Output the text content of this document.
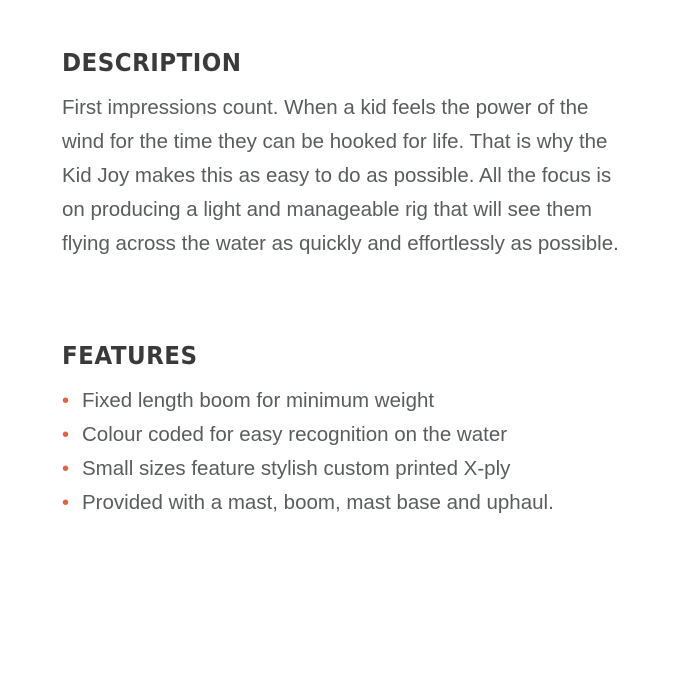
DESCRIPTION

First impressions count. When a kid feels the power of the wind for the time they can be hooked for life. That is why the Kid Joy makes this as easy to do as possible. All the focus is on producing a light and manageable rig that will see them flying across the water as quickly and effortlessly as possible.

FEATURES
• Fixed length boom for minimum weight
• Colour coded for easy recognition on the water
• Small sizes feature stylish custom printed X-ply
• Provided with a mast, boom, mast base and uphaul.
